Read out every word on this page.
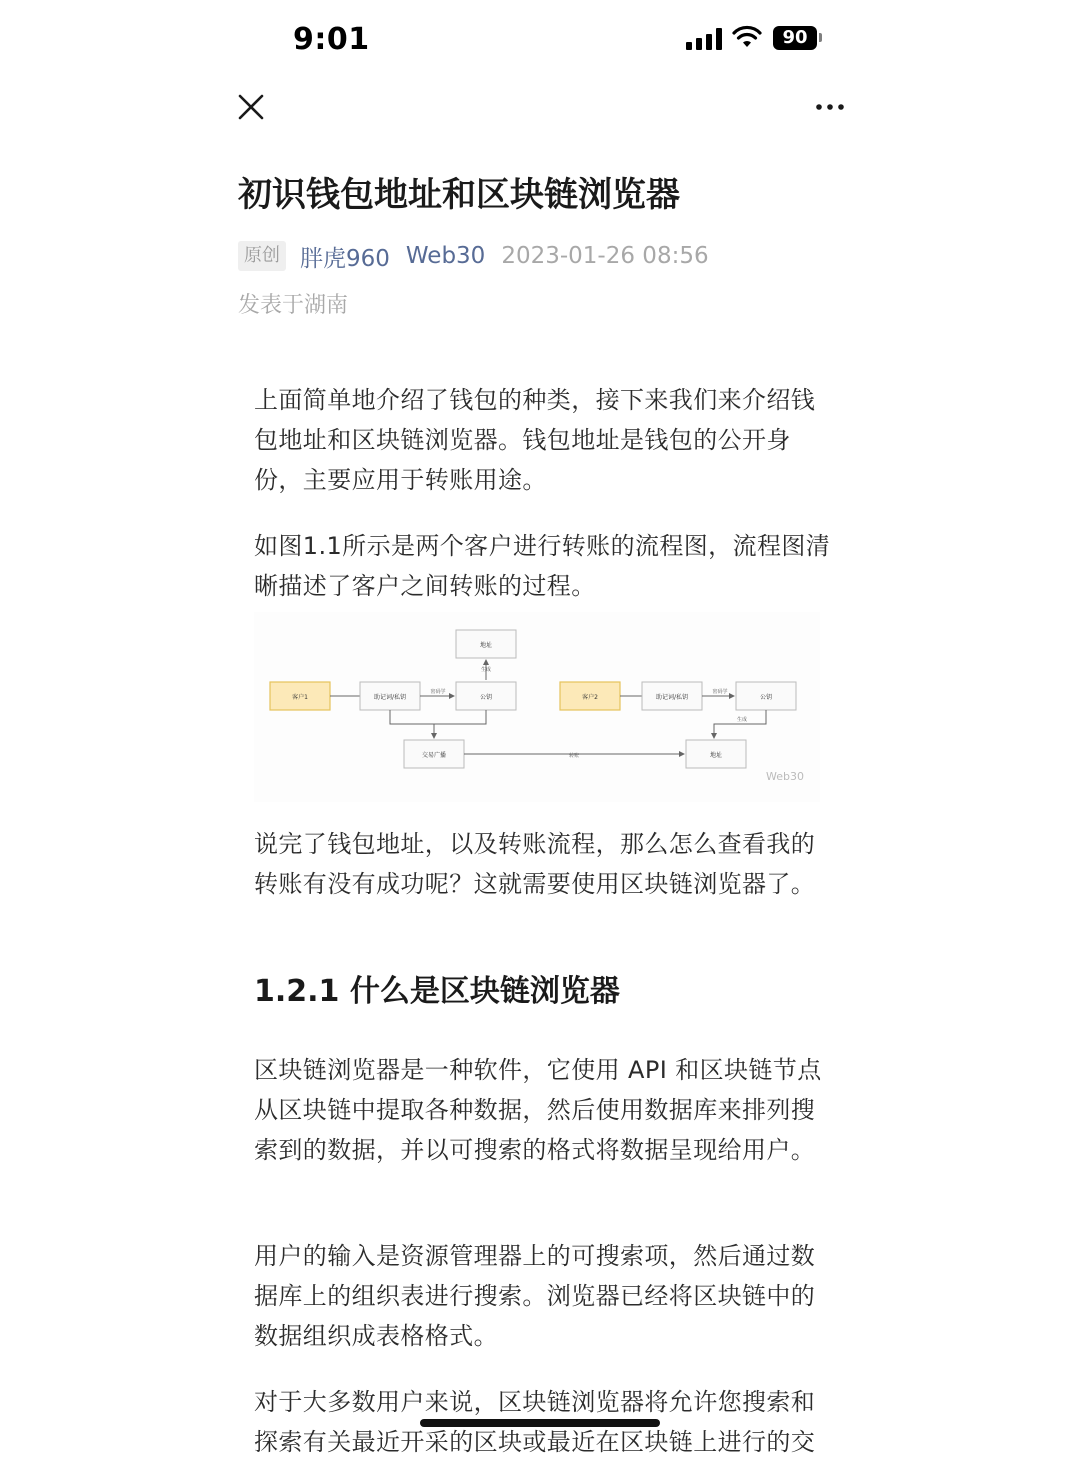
9:01	90
初识钱包地址和区块链浏览器
原创 胖虎960 Web30 2023-01-26 08:56
发表于湖南

上面简单地介绍了钱包的种类，接下来我们来介绍钱包地址和区块链浏览器。钱包地址是钱包的公开身份，主要应用于转账用途。

如图1.1所示是两个客户进行转账的流程图，流程图清晰描述了客户之间转账的过程。

地址
生成
客户1	助记词/私钥
密码学
公钥
交易广播	转账
客户2	助记词/私钥
密码学
公钥
生成
地址
Web30

说完了钱包地址，以及转账流程，那么怎么查看我的转账有没有成功呢？这就需要使用区块链浏览器了。

1.2.1 什么是区块链浏览器

区块链浏览器是一种软件，它使用 API 和区块链节点从区块链中提取各种数据，然后使用数据库来排列搜索到的数据，并以可搜索的格式将数据呈现给用户。

用户的输入是资源管理器上的可搜索项，然后通过数据库上的组织表进行搜索。浏览器已经将区块链中的数据组织成表格格式。

对于大多数用户来说，区块链浏览器将允许您搜索和
探索有关最近开采的区块或最近在区块链上进行的交
